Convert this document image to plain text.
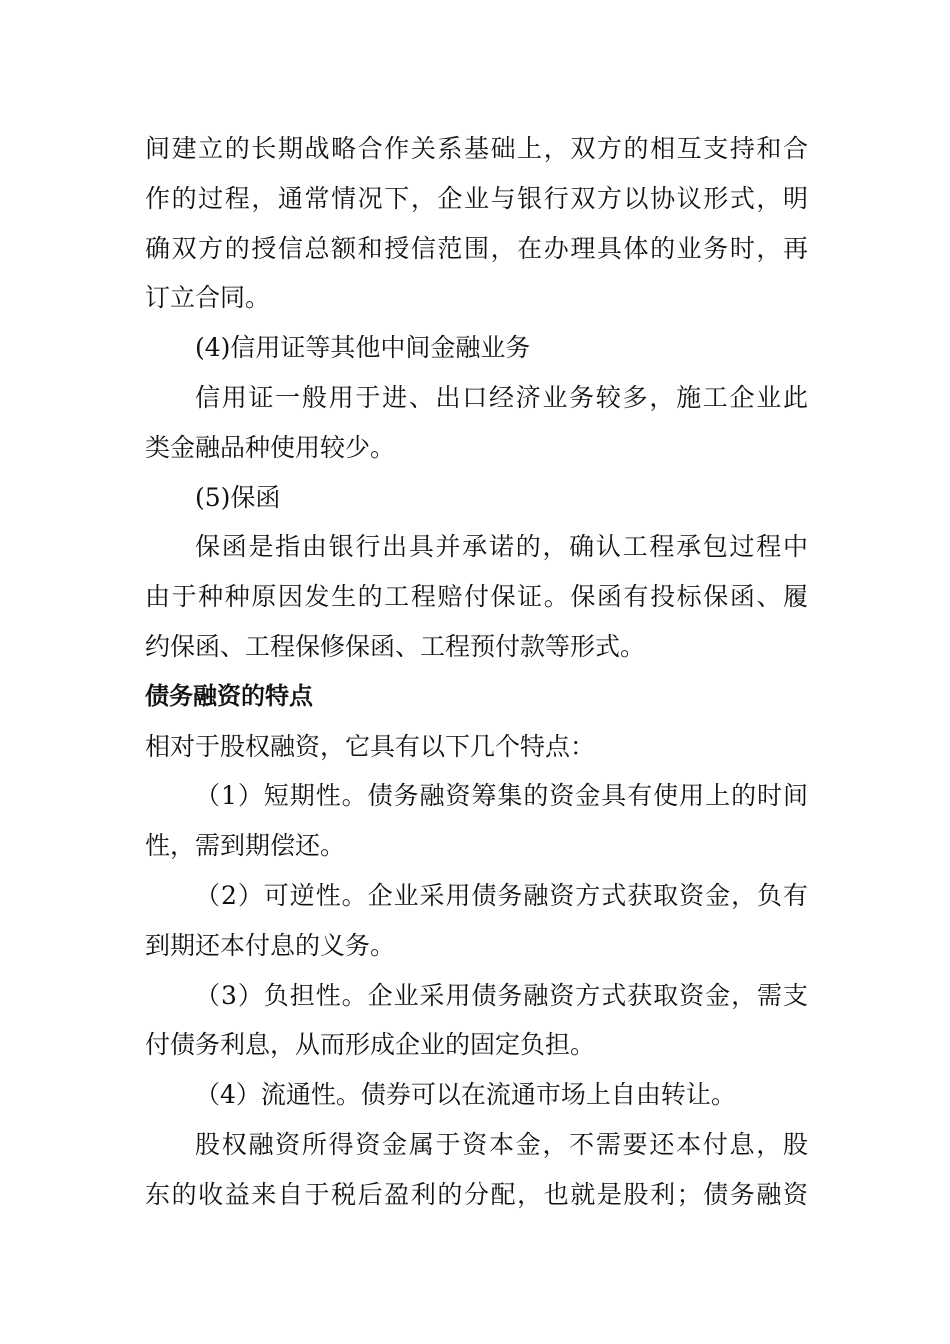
间建立的长期战略合作关系基础上，双方的相互支持和合
作的过程，通常情况下，企业与银行双方以协议形式，明
确双方的授信总额和授信范围，在办理具体的业务时，再
订立合同。
(4)信用证等其他中间金融业务
信用证一般用于进、出口经济业务较多，施工企业此
类金融品种使用较少。
(5)保函
保函是指由银行出具并承诺的，确认工程承包过程中
由于种种原因发生的工程赔付保证。保函有投标保函、履
约保函、工程保修保函、工程预付款等形式。
债务融资的特点
相对于股权融资，它具有以下几个特点：
（1）短期性。债务融资筹集的资金具有使用上的时间
性，需到期偿还。
（2）可逆性。企业采用债务融资方式获取资金，负有
到期还本付息的义务。
（3）负担性。企业采用债务融资方式获取资金，需支
付债务利息，从而形成企业的固定负担。
（4）流通性。债券可以在流通市场上自由转让。
股权融资所得资金属于资本金，不需要还本付息，股
东的收益来自于税后盈利的分配，也就是股利；债务融资
